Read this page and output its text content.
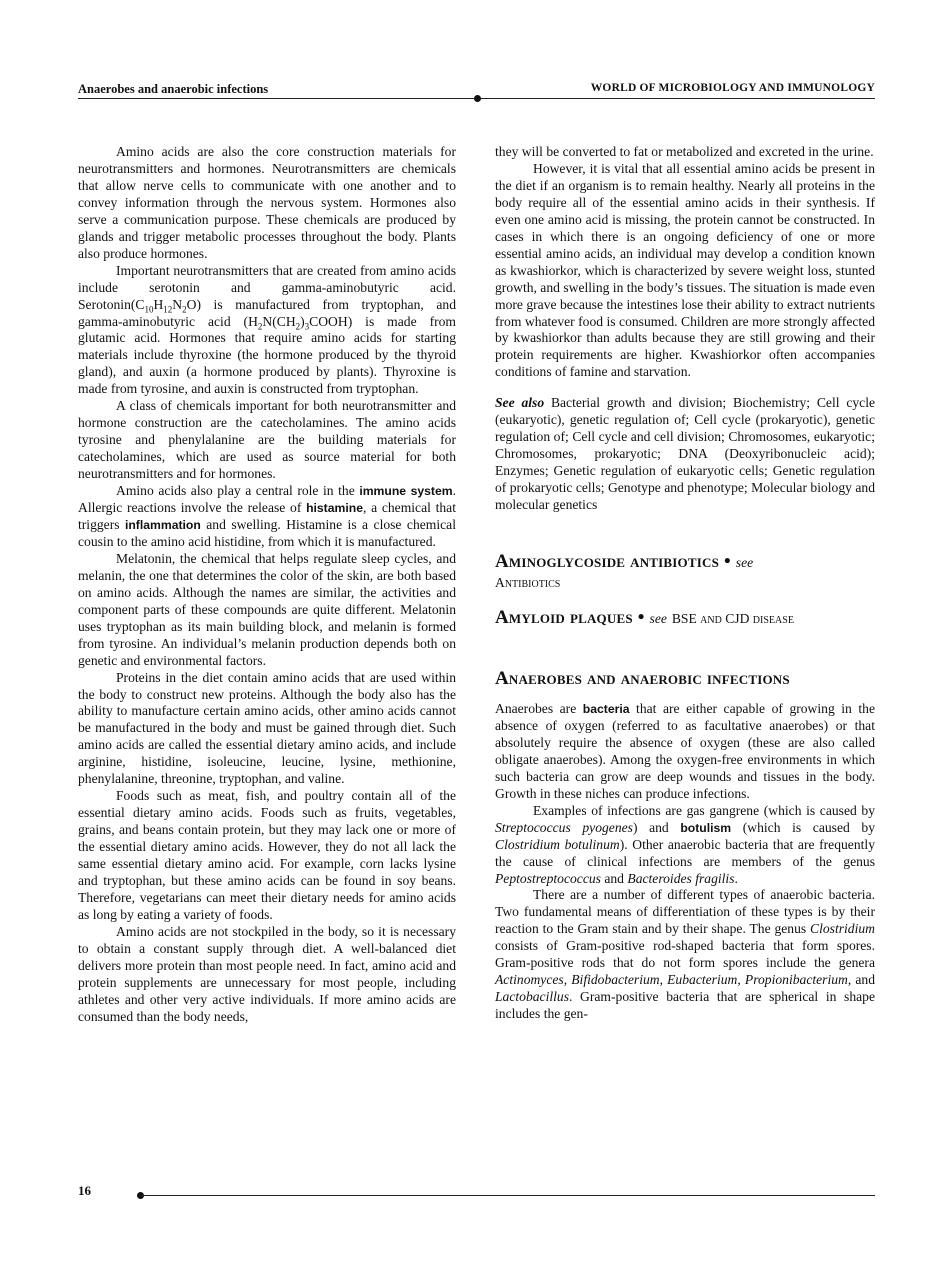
Anaerobes and anaerobic infections	WORLD OF MICROBIOLOGY AND IMMUNOLOGY

Amino acids are also the core construction materials for neurotransmitters and hormones. Neurotransmitters are chemicals that allow nerve cells to communicate with one another and to convey information through the nervous system. Hormones also serve a communication purpose. These chemicals are produced by glands and trigger metabolic processes throughout the body. Plants also produce hormones.

Important neurotransmitters that are created from amino acids include serotonin and gamma-aminobutyric acid. $Serotonin(C_{10}H_{12}N_2O)$ is manufactured from tryptophan, and gamma-aminobutyric acid $(H_2N(CH_2)_3COOH)$ is made from glutamic acid. Hormones that require amino acids for starting materials include thyroxine (the hormone produced by the thyroid gland), and auxin (a hormone produced by plants). Thyroxine is made from tyrosine, and auxin is constructed from tryptophan.

A class of chemicals important for both neurotransmitter and hormone construction are the catecholamines. The amino acids tyrosine and phenylalanine are the building materials for catecholamines, which are used as source material for both neurotransmitters and for hormones.

Amino acids also play a central role in the immune system. Allergic reactions involve the release of histamine, a chemical that triggers inflammation and swelling. Histamine is a close chemical cousin to the amino acid histidine, from which it is manufactured.

Melatonin, the chemical that helps regulate sleep cycles, and melanin, the one that determines the color of the skin, are both based on amino acids. Although the names are similar, the activities and component parts of these compounds are quite different. Melatonin uses tryptophan as its main building block, and melanin is formed from tyrosine. An individual’s melanin production depends both on genetic and environmental factors.

Proteins in the diet contain amino acids that are used within the body to construct new proteins. Although the body also has the ability to manufacture certain amino acids, other amino acids cannot be manufactured in the body and must be gained through diet. Such amino acids are called the essential dietary amino acids, and include arginine, histidine, isoleucine, leucine, lysine, methionine, phenylalanine, threonine, tryptophan, and valine.

Foods such as meat, fish, and poultry contain all of the essential dietary amino acids. Foods such as fruits, vegetables, grains, and beans contain protein, but they may lack one or more of the essential dietary amino acids. However, they do not all lack the same essential dietary amino acid. For example, corn lacks lysine and tryptophan, but these amino acids can be found in soy beans. Therefore, vegetarians can meet their dietary needs for amino acids as long by eating a variety of foods.

Amino acids are not stockpiled in the body, so it is necessary to obtain a constant supply through diet. A well-balanced diet delivers more protein than most people need. In fact, amino acid and protein supplements are unnecessary for most people, including athletes and other very active individuals. If more amino acids are consumed than the body needs,

they will be converted to fat or metabolized and excreted in the urine.

However, it is vital that all essential amino acids be present in the diet if an organism is to remain healthy. Nearly all proteins in the body require all of the essential amino acids in their synthesis. If even one amino acid is missing, the protein cannot be constructed. In cases in which there is an ongoing deficiency of one or more essential amino acids, an individual may develop a condition known as kwashiorkor, which is characterized by severe weight loss, stunted growth, and swelling in the body’s tissues. The situation is made even more grave because the intestines lose their ability to extract nutrients from whatever food is consumed. Children are more strongly affected by kwashiorkor than adults because they are still growing and their protein requirements are higher. Kwashiorkor often accompanies conditions of famine and starvation.

See also Bacterial growth and division; Biochemistry; Cell cycle (eukaryotic), genetic regulation of; Cell cycle (prokaryotic), genetic regulation of; Cell cycle and cell division; Chromosomes, eukaryotic; Chromosomes, prokaryotic; DNA (Deoxyribonucleic acid); Enzymes; Genetic regulation of eukaryotic cells; Genetic regulation of prokaryotic cells; Genotype and phenotype; Molecular biology and molecular genetics

Aminoglycoside antibiotics • see

Antibiotics

Amyloid plaques • see BSE and CJD disease
Anaerobes and anaerobic infections

Anaerobes are bacteria that are either capable of growing in the absence of oxygen (referred to as facultative anaerobes) or that absolutely require the absence of oxygen (these are also called obligate anaerobes). Among the oxygen-free environments in which such bacteria can grow are deep wounds and tissues in the body. Growth in these niches can produce infections.

Examples of infections are gas gangrene (which is caused by Streptococcus pyogenes) and botulism (which is caused by Clostridium botulinum). Other anaerobic bacteria that are frequently the cause of clinical infections are members of the genus Peptostreptococcus and Bacteroides fragilis.

There are a number of different types of anaerobic bacteria. Two fundamental means of differentiation of these types is by their reaction to the Gram stain and by their shape. The genus Clostridium consists of Gram-positive rod-shaped bacteria that form spores. Gram-positive rods that do not form spores include the genera Actinomyces, Bifidobacterium, Eubacterium, Propionibacterium, and Lactobacillus. Gram-positive bacteria that are spherical in shape includes the gen-

16
